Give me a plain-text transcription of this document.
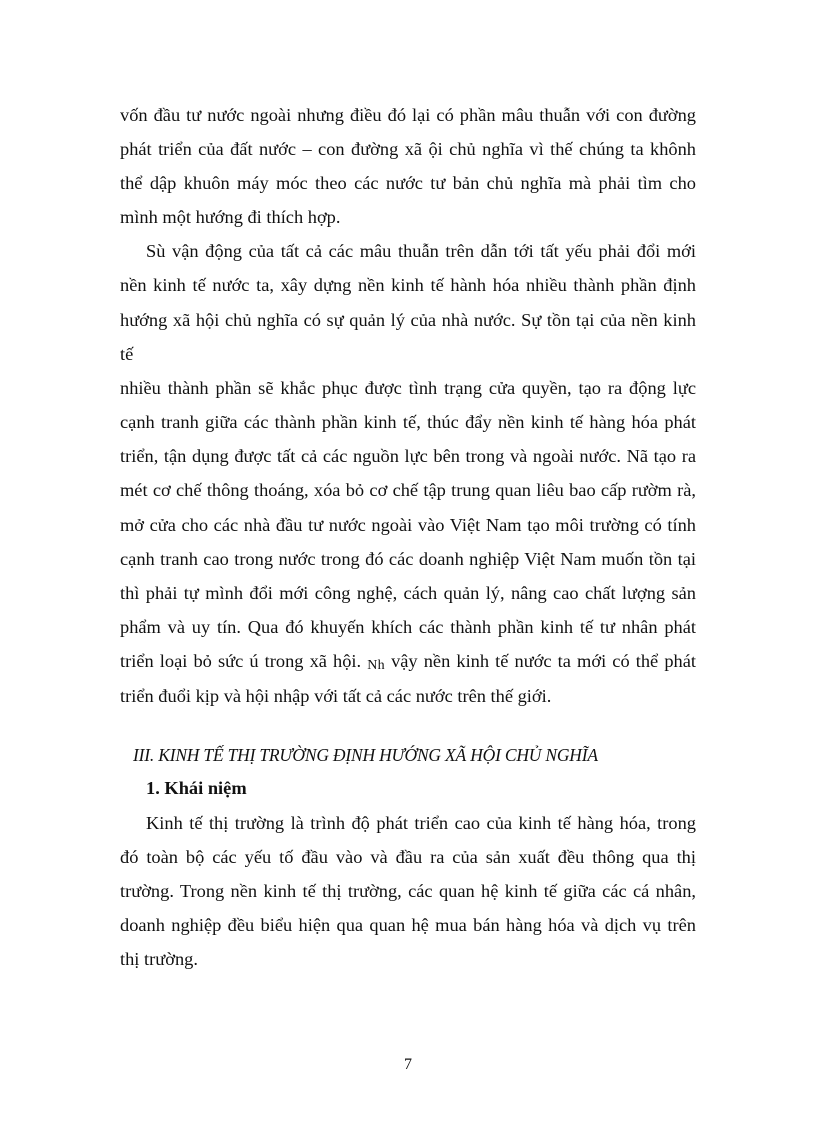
vốn đầu tư nước ngoài nhưng điều đó lại có phần mâu thuẫn với con đường
phát triển của đất nước – con đường xã ội chủ nghĩa vì thế chúng ta khônh
thể dập khuôn máy móc theo các nước tư bản chủ nghĩa mà phải tìm cho
mình một hướng đi thích hợp.
Sù vận động của tất cả các mâu thuẫn trên dẫn tới tất yếu phải đổi mới
nền kinh tế nước ta, xây dựng nền kinh tế hành hóa nhiều thành phần định
hướng xã hội chủ nghĩa có sự quản lý của nhà nước. Sự tồn tại của nền kinh
tế
nhiều thành phần sẽ khắc phục được tình trạng cửa quyền, tạo ra động lực
cạnh tranh giữa các thành phần kinh tế, thúc đẩy nền kinh tế hàng hóa phát
triển, tận dụng được tất cả các nguồn lực bên trong và ngoài nước. Nã tạo ra
mét cơ chế thông thoáng, xóa bỏ cơ chế tập trung quan liêu bao cấp rườm rà,
mở cửa cho các nhà đầu tư nước ngoài vào Việt Nam tạo môi trường có tính
cạnh tranh cao trong nước trong đó các doanh nghiệp Việt Nam muốn tồn tại
thì phải tự mình đổi mới công nghệ, cách quản lý, nâng cao chất lượng sản
phẩm và uy tín. Qua đó khuyến khích các thành phần kinh tế tư nhân phát
triển loại bỏ sức ú trong xã hội. Nh vậy nền kinh tế nước ta mới có thể phát
triển đuổi kịp và hội nhập với tất cả các nước trên thế giới.
III. KINH TẾ THỊ TRƯỜNG ĐỊNH HƯỚNG XÃ HỘI CHỦ NGHĨA
1. Khái niệm
Kinh tế thị trường là trình độ phát triển cao của kinh tế hàng hóa, trong
đó toàn bộ các yếu tố đầu vào và đầu ra của sản xuất đều thông qua thị
trường. Trong nền kinh tế thị trường, các quan hệ kinh tế giữa các cá nhân,
doanh nghiệp đều biểu hiện qua quan hệ mua bán hàng hóa và dịch vụ trên
thị trường.
7
